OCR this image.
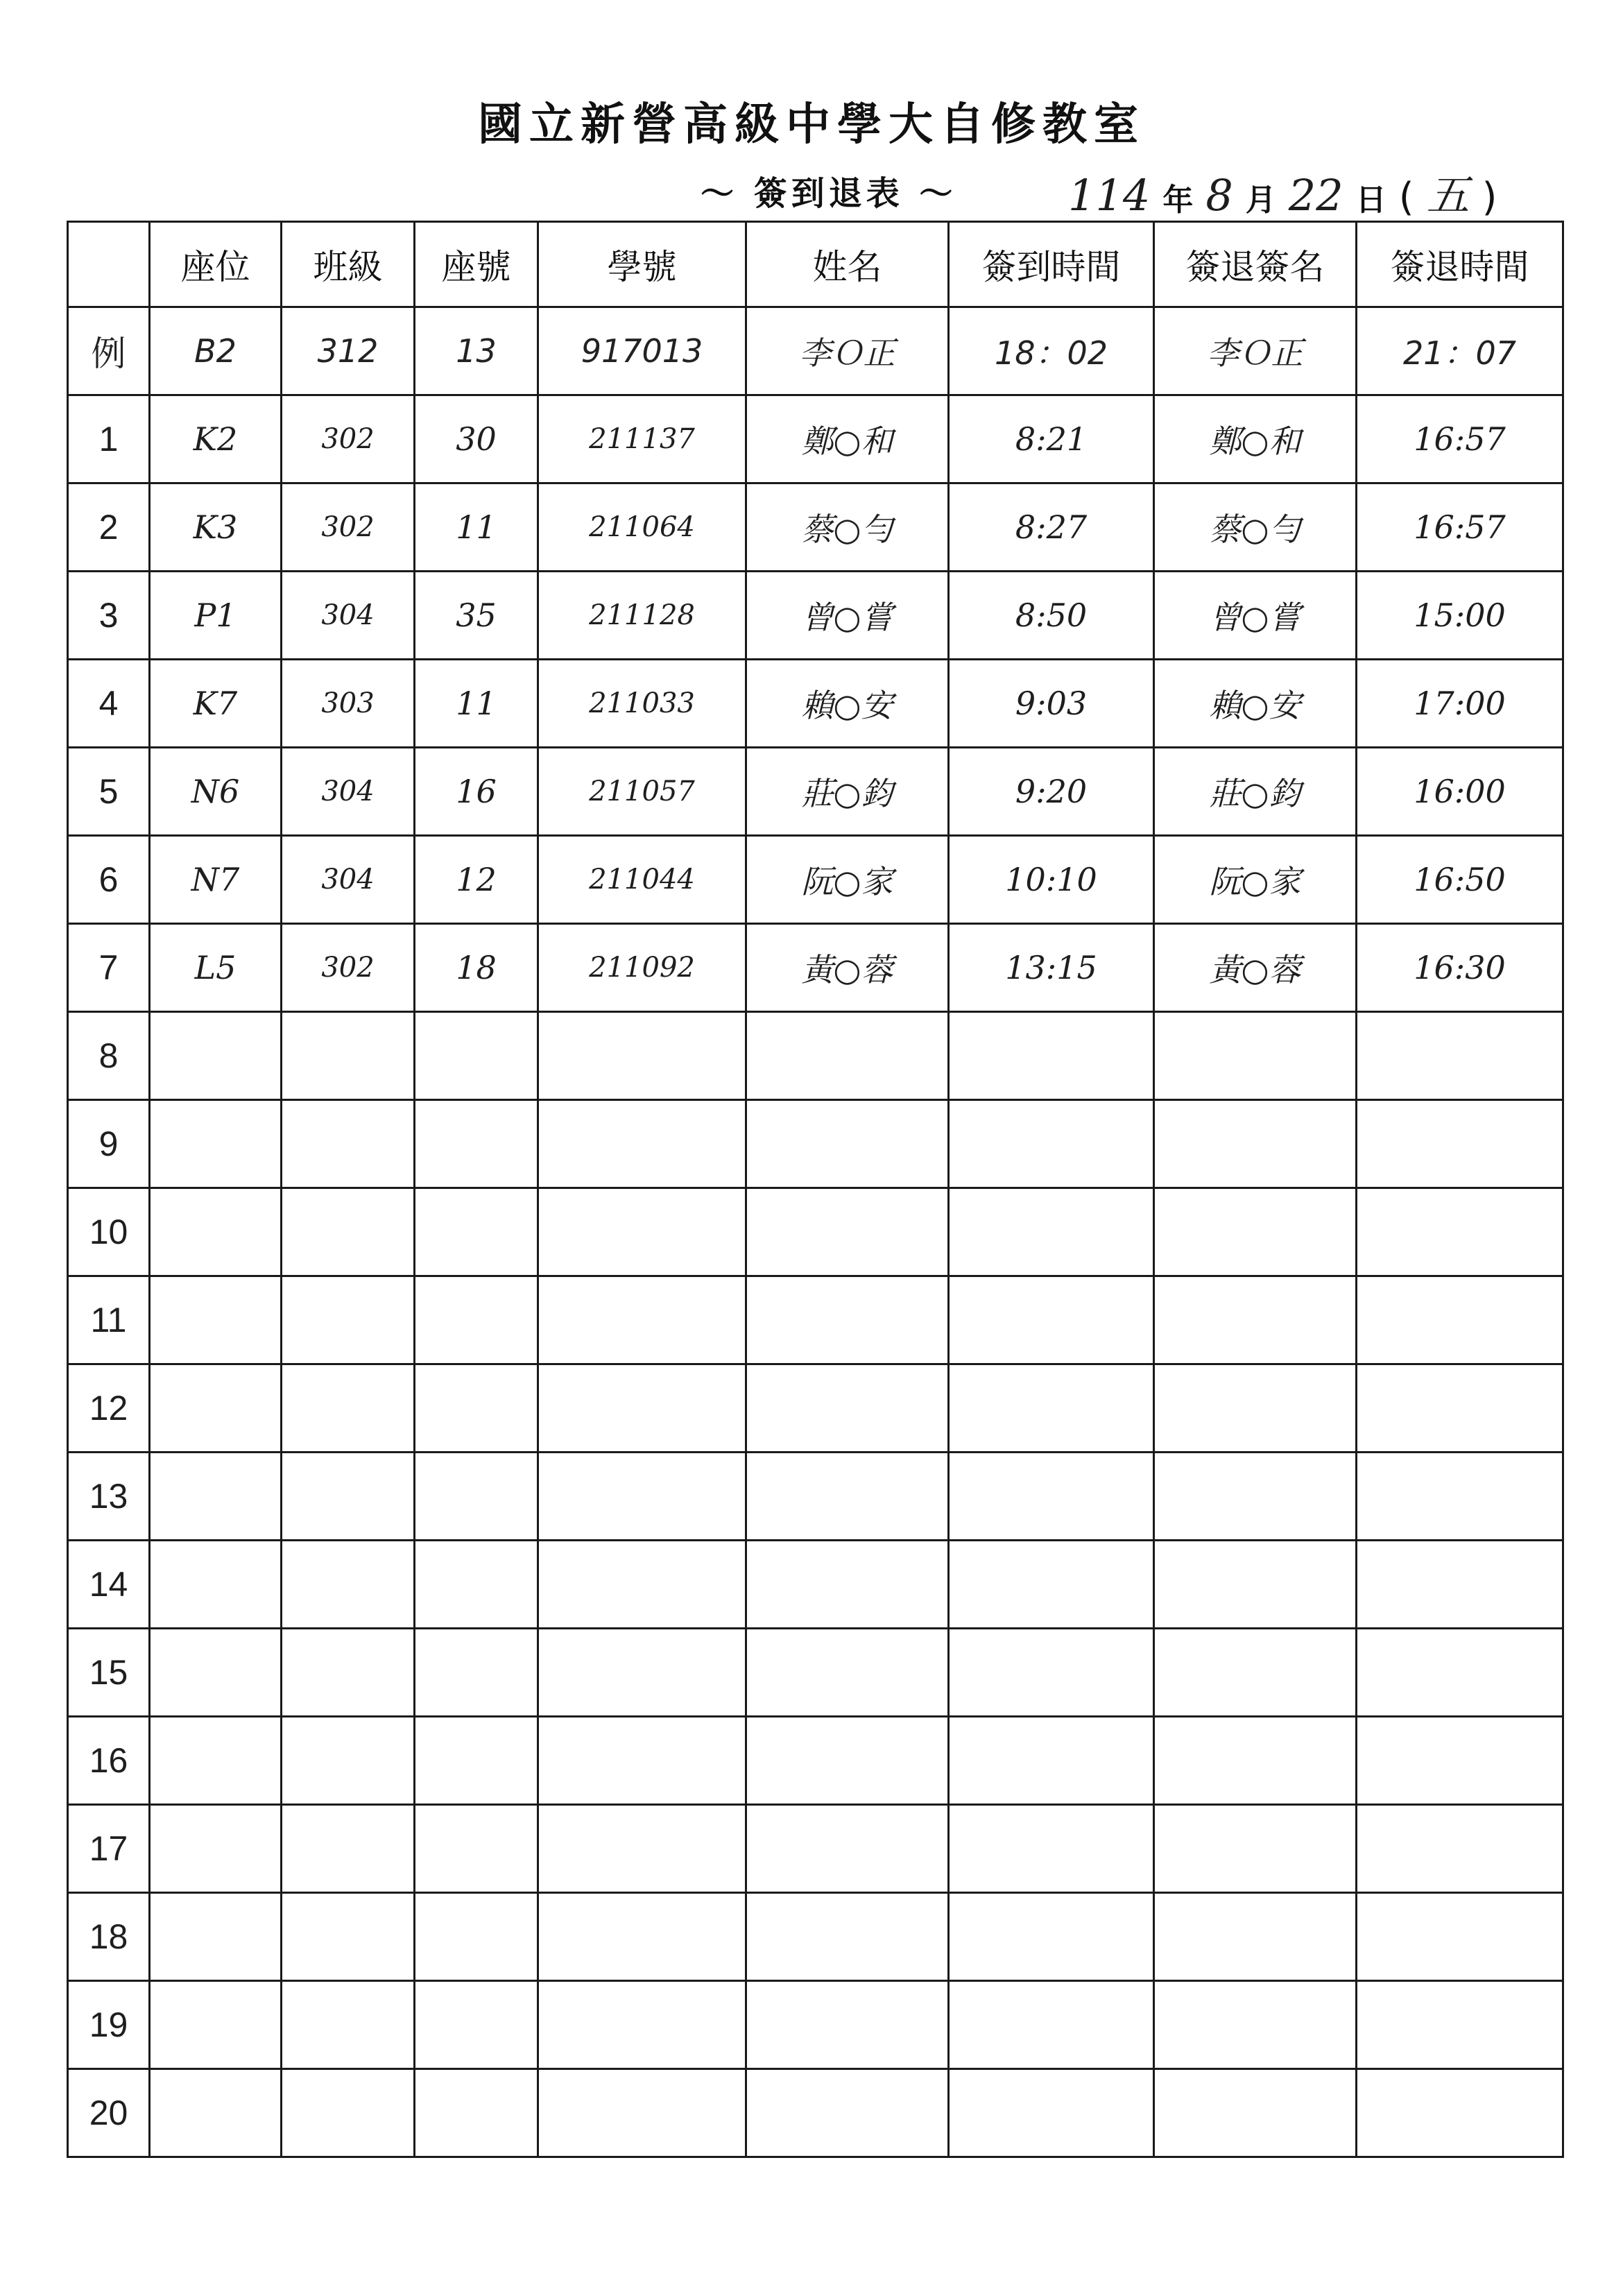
國立新營高級中學大自修教室
～ 簽到退表 ～	114 年 8 月 22 日 ( 五 )
	座位	班級	座號	學號	姓名	簽到時間	簽退簽名	簽退時間
例	B2	312	13	917013	李Ｏ正	18：02	李Ｏ正	21：07
1	K2	302	30	211137	鄭○和	8:21	鄭○和	16:57
2	K3	302	11	211064	蔡○勻	8:27	蔡○勻	16:57
3	P1	304	35	211128	曾○嘗	8:50	曾○嘗	15:00
4	K7	303	11	211033	賴○安	9:03	賴○安	17:00
5	N6	304	16	211057	莊○鈞	9:20	莊○鈞	16:00
6	N7	304	12	211044	阮○家	10:10	阮○家	16:50
7	L5	302	18	211092	黃○蓉	13:15	黃○蓉	16:30
8								
9								
10								
11								
12								
13								
14								
15								
16								
17								
18								
19								
20								
